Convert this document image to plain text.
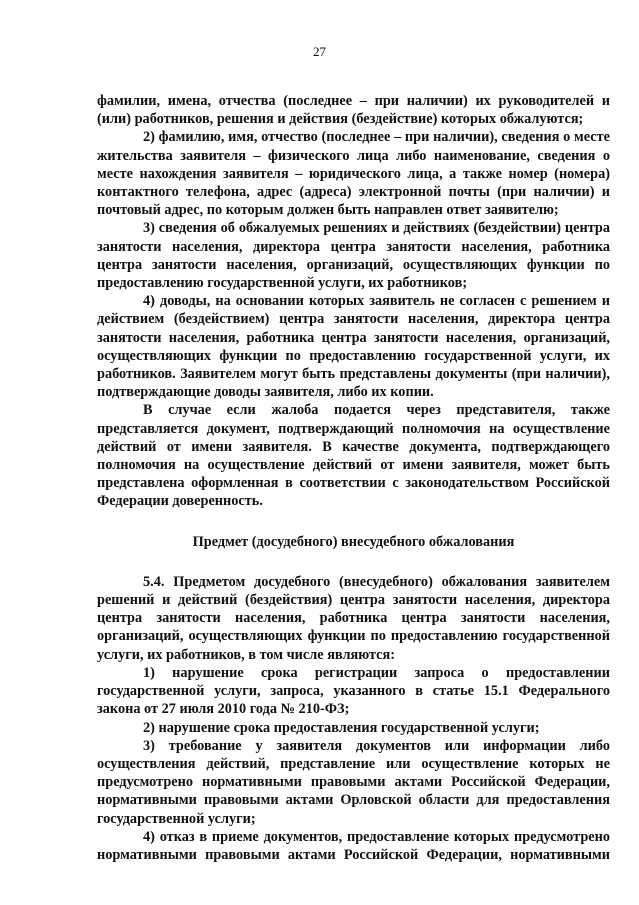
27

фамилии, имена, отчества (последнее – при наличии) их руководителей и (или) работников, решения и действия (бездействие) которых обжалуются;

2) фамилию, имя, отчество (последнее – при наличии), сведения о месте жительства заявителя – физического лица либо наименование, сведения о месте нахождения заявителя – юридического лица, а также номер (номера) контактного телефона, адрес (адреса) электронной почты (при наличии) и почтовый адрес, по которым должен быть направлен ответ заявителю;

3) сведения об обжалуемых решениях и действиях (бездействии) центра занятости населения, директора центра занятости населения, работника центра занятости населения, организаций, осуществляющих функции по предоставлению государственной услуги, их работников;

4) доводы, на основании которых заявитель не согласен с решением и действием (бездействием) центра занятости населения, директора центра занятости населения, работника центра занятости населения, организаций, осуществляющих функции по предоставлению государственной услуги, их работников. Заявителем могут быть представлены документы (при наличии), подтверждающие доводы заявителя, либо их копии.

В случае если жалоба подается через представителя, также представляется документ, подтверждающий полномочия на осуществление действий от имени заявителя. В качестве документа, подтверждающего полномочия на осуществление действий от имени заявителя, может быть представлена оформленная в соответствии с законодательством Российской Федерации доверенность.

Предмет (досудебного) внесудебного обжалования

5.4. Предметом досудебного (внесудебного) обжалования заявителем решений и действий (бездействия) центра занятости населения, директора центра занятости населения, работника центра занятости населения, организаций, осуществляющих функции по предоставлению государственной услуги, их работников, в том числе являются:

1) нарушение срока регистрации запроса о предоставлении государственной услуги, запроса, указанного в статье 15.1 Федерального закона от 27 июля 2010 года № 210-ФЗ;

2) нарушение срока предоставления государственной услуги;

3) требование у заявителя документов или информации либо осуществления действий, представление или осуществление которых не предусмотрено нормативными правовыми актами Российской Федерации, нормативными правовыми актами Орловской области для предоставления государственной услуги;

4) отказ в приеме документов, предоставление которых предусмотрено нормативными правовыми актами Российской Федерации, нормативными
